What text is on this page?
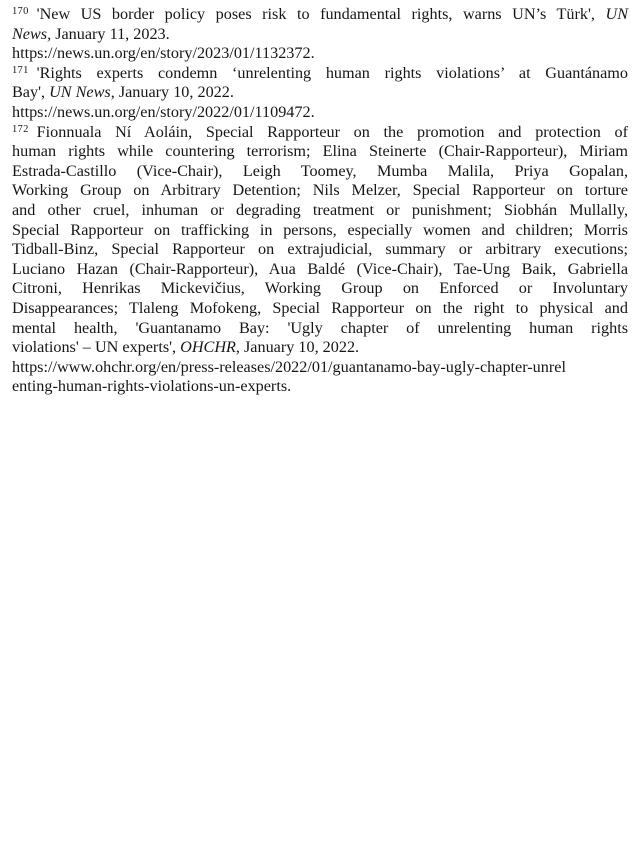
$^{170}$ 'New US border policy poses risk to fundamental rights, warns UN’s Türk', UN
News, January 11, 2023.
https://news.un.org/en/story/2023/01/1132372.
$^{171}$ 'Rights experts condemn ‘unrelenting human rights violations’ at Guantánamo
Bay', UN News, January 10, 2022.
https://news.un.org/en/story/2022/01/1109472.
$^{172}$ Fionnuala Ní Aoláin, Special Rapporteur on the promotion and protection of
human rights while countering terrorism; Elina Steinerte (Chair-Rapporteur), Miriam
Estrada-Castillo (Vice-Chair), Leigh Toomey, Mumba Malila, Priya Gopalan,
Working Group on Arbitrary Detention; Nils Melzer, Special Rapporteur on torture
and other cruel, inhuman or degrading treatment or punishment; Siobhán Mullally,
Special Rapporteur on trafficking in persons, especially women and children; Morris
Tidball-Binz, Special Rapporteur on extrajudicial, summary or arbitrary executions;
Luciano Hazan (Chair-Rapporteur), Aua Baldé (Vice-Chair), Tae-Ung Baik, Gabriella
Citroni, Henrikas Mickevičius, Working Group on Enforced or Involuntary
Disappearances; Tlaleng Mofokeng, Special Rapporteur on the right to physical and
mental health, 'Guantanamo Bay: 'Ugly chapter of unrelenting human rights
violations' – UN experts', OHCHR, January 10, 2022.
https://www.ohchr.org/en/press-releases/2022/01/guantanamo-bay-ugly-chapter-unrel
enting-human-rights-violations-un-experts.
